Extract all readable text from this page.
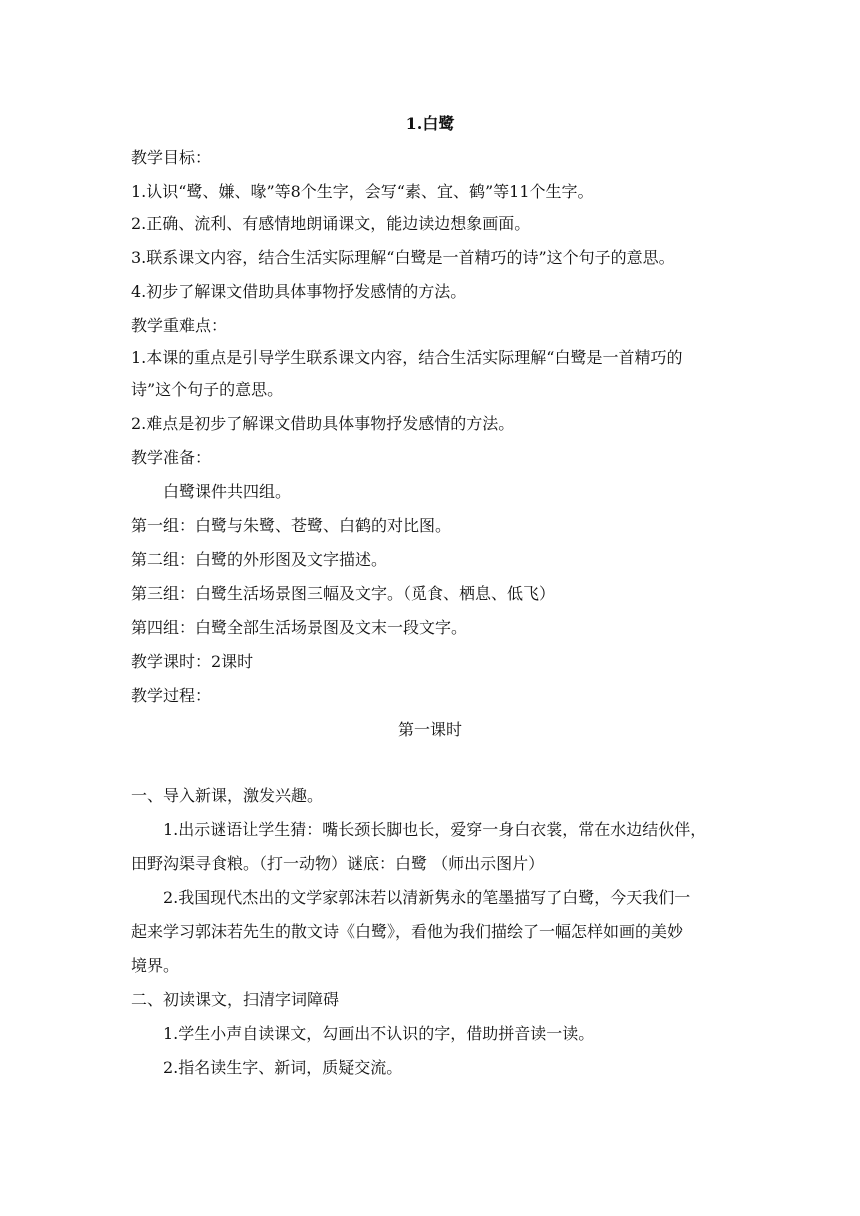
1.白鹭
教学目标：
1.认识“鹭、嫌、喙”等8个生字，会写“素、宜、鹤”等11个生字。
2.正确、流利、有感情地朗诵课文，能边读边想象画面。
3.联系课文内容，结合生活实际理解“白鹭是一首精巧的诗”这个句子的意思。
4.初步了解课文借助具体事物抒发感情的方法。
教学重难点：
1.本课的重点是引导学生联系课文内容，结合生活实际理解“白鹭是一首精巧的
诗”这个句子的意思。
2.难点是初步了解课文借助具体事物抒发感情的方法。
教学准备：
白鹭课件共四组。
第一组：白鹭与朱鹭、苍鹭、白鹤的对比图。
第二组：白鹭的外形图及文字描述。
第三组：白鹭生活场景图三幅及文字。（觅食、栖息、低飞）
第四组：白鹭全部生活场景图及文末一段文字。
教学课时：2课时
教学过程：
第一课时
一、导入新课，激发兴趣。
1.出示谜语让学生猜：嘴长颈长脚也长，爱穿一身白衣裳，常在水边结伙伴，
田野沟渠寻食粮。（打一动物）谜底：白鹭 （师出示图片）
2.我国现代杰出的文学家郭沫若以清新隽永的笔墨描写了白鹭，今天我们一
起来学习郭沫若先生的散文诗《白鹭》，看他为我们描绘了一幅怎样如画的美妙
境界。
二、初读课文，扫清字词障碍
1.学生小声自读课文，勾画出不认识的字，借助拼音读一读。
2.指名读生字、新词，质疑交流。
